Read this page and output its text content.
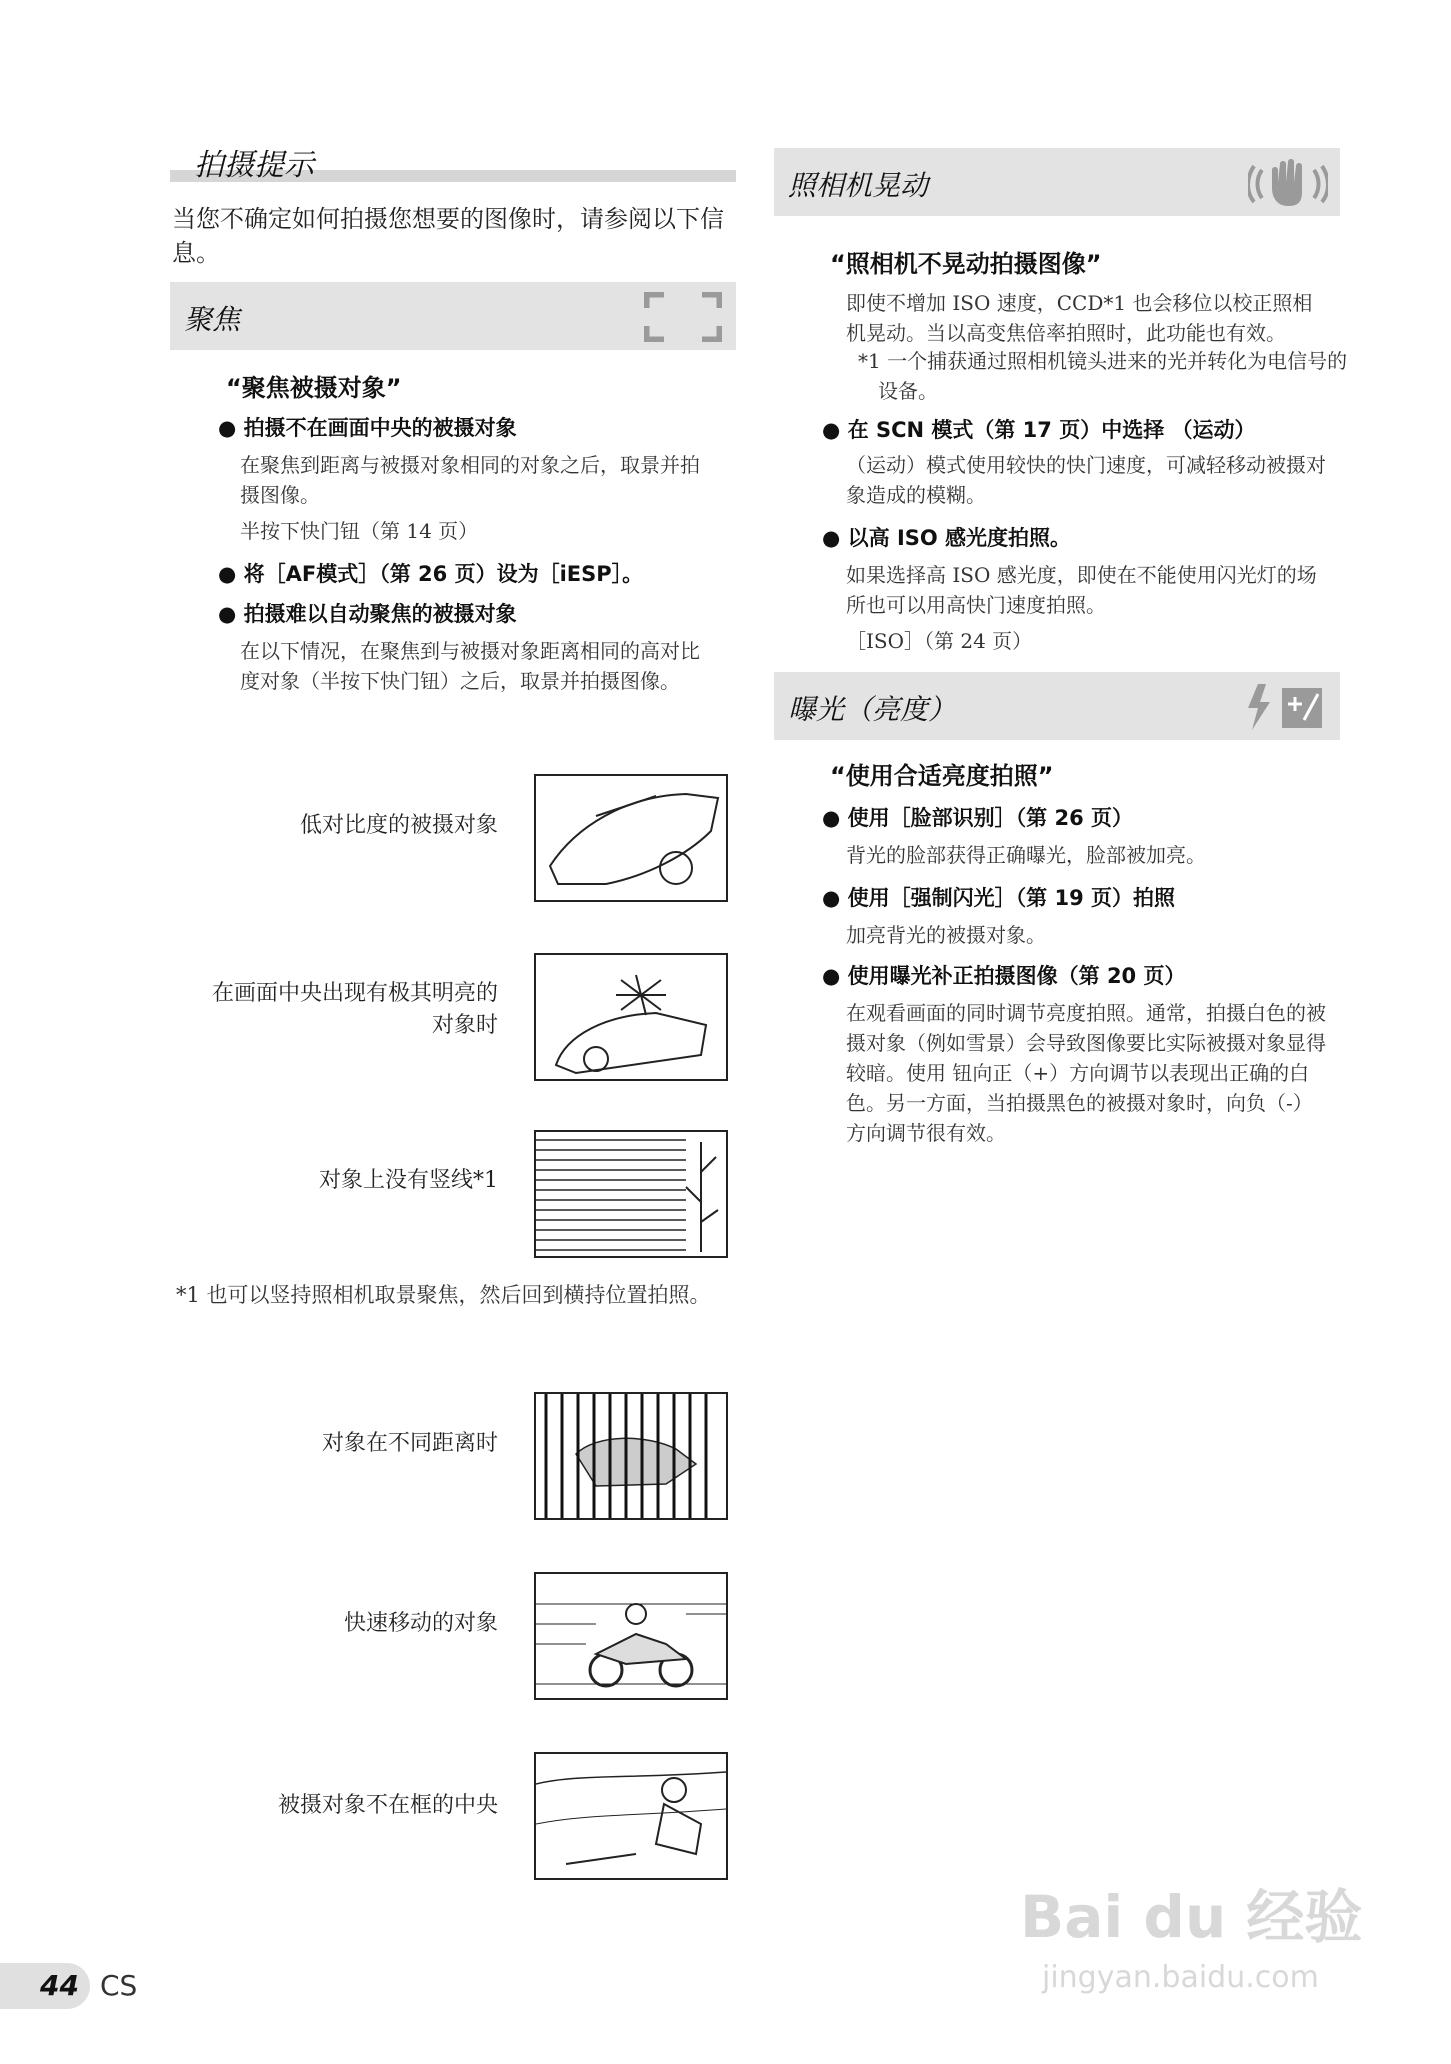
拍摄提示
当您不确定如何拍摄您想要的图像时，请参阅以下信息。
聚焦
“聚焦被摄对象”
● 拍摄不在画面中央的被摄对象
在聚焦到距离与被摄对象相同的对象之后，取景并拍摄图像。
半按下快门钮（第 14 页）
● 将［AF模式］（第 26 页）设为［iESP］。
● 拍摄难以自动聚焦的被摄对象
在以下情况，在聚焦到与被摄对象距离相同的高对比度对象（半按下快门钮）之后，取景并拍摄图像。
低对比度的被摄对象
在画面中央出现有极其明亮的对象时
对象上没有竖线*1
*1 也可以竖持照相机取景聚焦，然后回到横持位置拍照。
对象在不同距离时
快速移动的对象
被摄对象不在框的中央
照相机晃动
“照相机不晃动拍摄图像”
即使不增加 ISO 速度，CCD*1 也会移位以校正照相机晃动。当以高变焦倍率拍照时，此功能也有效。
*1 一个捕获通过照相机镜头进来的光并转化为电信号的设备。
● 在 SCN 模式（第 17 页）中选择 （运动）
（运动）模式使用较快的快门速度，可减轻移动被摄对象造成的模糊。
● 以高 ISO 感光度拍照。
如果选择高 ISO 感光度，即使在不能使用闪光灯的场所也可以用高快门速度拍照。
［ISO］（第 24 页）
曝光（亮度）
“使用合适亮度拍照”
● 使用［脸部识别］（第 26 页）
背光的脸部获得正确曝光，脸部被加亮。
● 使用［强制闪光］（第 19 页）拍照
加亮背光的被摄对象。
● 使用曝光补正拍摄图像（第 20 页）
在观看画面的同时调节亮度拍照。通常，拍摄白色的被摄对象（例如雪景）会导致图像要比实际被摄对象显得较暗。使用 钮向正（+）方向调节以表现出正确的白色。另一方面，当拍摄黑色的被摄对象时，向负（-）方向调节很有效。
44 CS
Bai du 经验
jingyan.baidu.com
